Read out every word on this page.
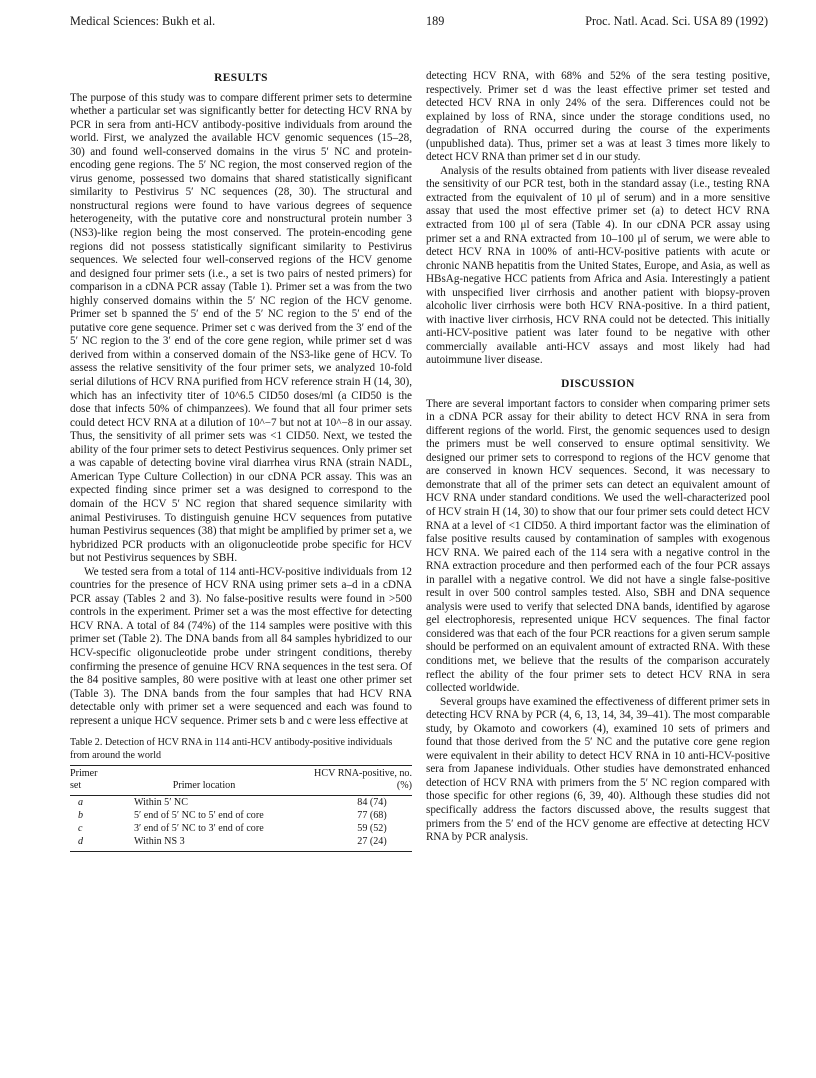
Medical Sciences: Bukh et al.	189	Proc. Natl. Acad. Sci. USA 89 (1992)
RESULTS

The purpose of this study was to compare different primer sets to determine whether a particular set was significantly better for detecting HCV RNA by PCR in sera from anti-HCV antibody-positive individuals from around the world. First, we analyzed the available HCV genomic sequences (15–28, 30) and found well-conserved domains in the virus 5′ NC and protein-encoding gene regions. The 5′ NC region, the most conserved region of the virus genome, possessed two domains that shared statistically significant similarity to Pestivirus 5′ NC sequences (28, 30). The structural and nonstructural regions were found to have various degrees of sequence heterogeneity, with the putative core and nonstructural protein number 3 (NS3)-like region being the most conserved. The protein-encoding gene regions did not possess statistically significant similarity to Pestivirus sequences. We selected four well-conserved regions of the HCV genome and designed four primer sets (i.e., a set is two pairs of nested primers) for comparison in a cDNA PCR assay (Table 1). Primer set a was from the two highly conserved domains within the 5′ NC region of the HCV genome. Primer set b spanned the 5′ end of the 5′ NC region to the 5′ end of the putative core gene sequence. Primer set c was derived from the 3′ end of the 5′ NC region to the 3′ end of the core gene region, while primer set d was derived from within a conserved domain of the NS3-like gene of HCV. To assess the relative sensitivity of the four primer sets, we analyzed 10-fold serial dilutions of HCV RNA purified from HCV reference strain H (14, 30), which has an infectivity titer of 10^6.5 CID50 doses/ml (a CID50 is the dose that infects 50% of chimpanzees). We found that all four primer sets could detect HCV RNA at a dilution of 10^−7 but not at 10^−8 in our assay. Thus, the sensitivity of all primer sets was <1 CID50. Next, we tested the ability of the four primer sets to detect Pestivirus sequences. Only primer set a was capable of detecting bovine viral diarrhea virus RNA (strain NADL, American Type Culture Collection) in our cDNA PCR assay. This was an expected finding since primer set a was designed to correspond to the domain of the HCV 5′ NC region that shared sequence similarity with animal Pestiviruses. To distinguish genuine HCV sequences from putative human Pestivirus sequences (38) that might be amplified by primer set a, we hybridized PCR products with an oligonucleotide probe specific for HCV but not Pestivirus sequences by SBH.

We tested sera from a total of 114 anti-HCV-positive individuals from 12 countries for the presence of HCV RNA using primer sets a–d in a cDNA PCR assay (Tables 2 and 3). No false-positive results were found in >500 controls in the experiment. Primer set a was the most effective for detecting HCV RNA. A total of 84 (74%) of the 114 samples were positive with this primer set (Table 2). The DNA bands from all 84 samples hybridized to our HCV-specific oligonucleotide probe under stringent conditions, thereby confirming the presence of genuine HCV RNA sequences in the test sera. Of the 84 positive samples, 80 were positive with at least one other primer set (Table 3). The DNA bands from the four samples that had HCV RNA detectable only with primer set a were sequenced and each was found to represent a unique HCV sequence. Primer sets b and c were less effective at

Table 2. Detection of HCV RNA in 114 anti-HCV antibody-positive individuals from around the world
Primer set	Primer location	HCV RNA-positive, no. (%)
a	Within 5′ NC	84 (74)
b	5′ end of 5′ NC to 5′ end of core	77 (68)
c	3′ end of 5′ NC to 3′ end of core	59 (52)
d	Within NS 3	27 (24)

detecting HCV RNA, with 68% and 52% of the sera testing positive, respectively. Primer set d was the least effective primer set tested and detected HCV RNA in only 24% of the sera. Differences could not be explained by loss of RNA, since under the storage conditions used, no degradation of RNA occurred during the course of the experiments (unpublished data). Thus, primer set a was at least 3 times more likely to detect HCV RNA than primer set d in our study.

Analysis of the results obtained from patients with liver disease revealed the sensitivity of our PCR test, both in the standard assay (i.e., testing RNA extracted from the equivalent of 10 μl of serum) and in a more sensitive assay that used the most effective primer set (a) to detect HCV RNA extracted from 100 μl of sera (Table 4). In our cDNA PCR assay using primer set a and RNA extracted from 10–100 μl of serum, we were able to detect HCV RNA in 100% of anti-HCV-positive patients with acute or chronic NANB hepatitis from the United States, Europe, and Asia, as well as HBsAg-negative HCC patients from Africa and Asia. Interestingly a patient with unspecified liver cirrhosis and another patient with biopsy-proven alcoholic liver cirrhosis were both HCV RNA-positive. In a third patient, with inactive liver cirrhosis, HCV RNA could not be detected. This initially anti-HCV-positive patient was later found to be negative with other commercially available anti-HCV assays and most likely had had autoimmune liver disease.

DISCUSSION

There are several important factors to consider when comparing primer sets in a cDNA PCR assay for their ability to detect HCV RNA in sera from different regions of the world. First, the genomic sequences used to design the primers must be well conserved to ensure optimal sensitivity. We designed our primer sets to correspond to regions of the HCV genome that are conserved in known HCV sequences. Second, it was necessary to demonstrate that all of the primer sets can detect an equivalent amount of HCV RNA under standard conditions. We used the well-characterized pool of HCV strain H (14, 30) to show that our four primer sets could detect HCV RNA at a level of <1 CID50. A third important factor was the elimination of false positive results caused by contamination of samples with exogenous HCV RNA. We paired each of the 114 sera with a negative control in the RNA extraction procedure and then performed each of the four PCR assays in parallel with a negative control. We did not have a single false-positive result in over 500 control samples tested. Also, SBH and DNA sequence analysis were used to verify that selected DNA bands, identified by agarose gel electrophoresis, represented unique HCV sequences. The final factor considered was that each of the four PCR reactions for a given serum sample should be performed on an equivalent amount of extracted RNA. With these conditions met, we believe that the results of the comparison accurately reflect the ability of the four primer sets to detect HCV RNA in sera collected worldwide.

Several groups have examined the effectiveness of different primer sets in detecting HCV RNA by PCR (4, 6, 13, 14, 34, 39–41). The most comparable study, by Okamoto and coworkers (4), examined 10 sets of primers and found that those derived from the 5′ NC and the putative core gene region were equivalent in their ability to detect HCV RNA in 10 anti-HCV-positive sera from Japanese individuals. Other studies have demonstrated enhanced detection of HCV RNA with primers from the 5′ NC region compared with those specific for other regions (6, 39, 40). Although these studies did not specifically address the factors discussed above, the results suggest that primers from the 5′ end of the HCV genome are effective at detecting HCV RNA by PCR analysis.
